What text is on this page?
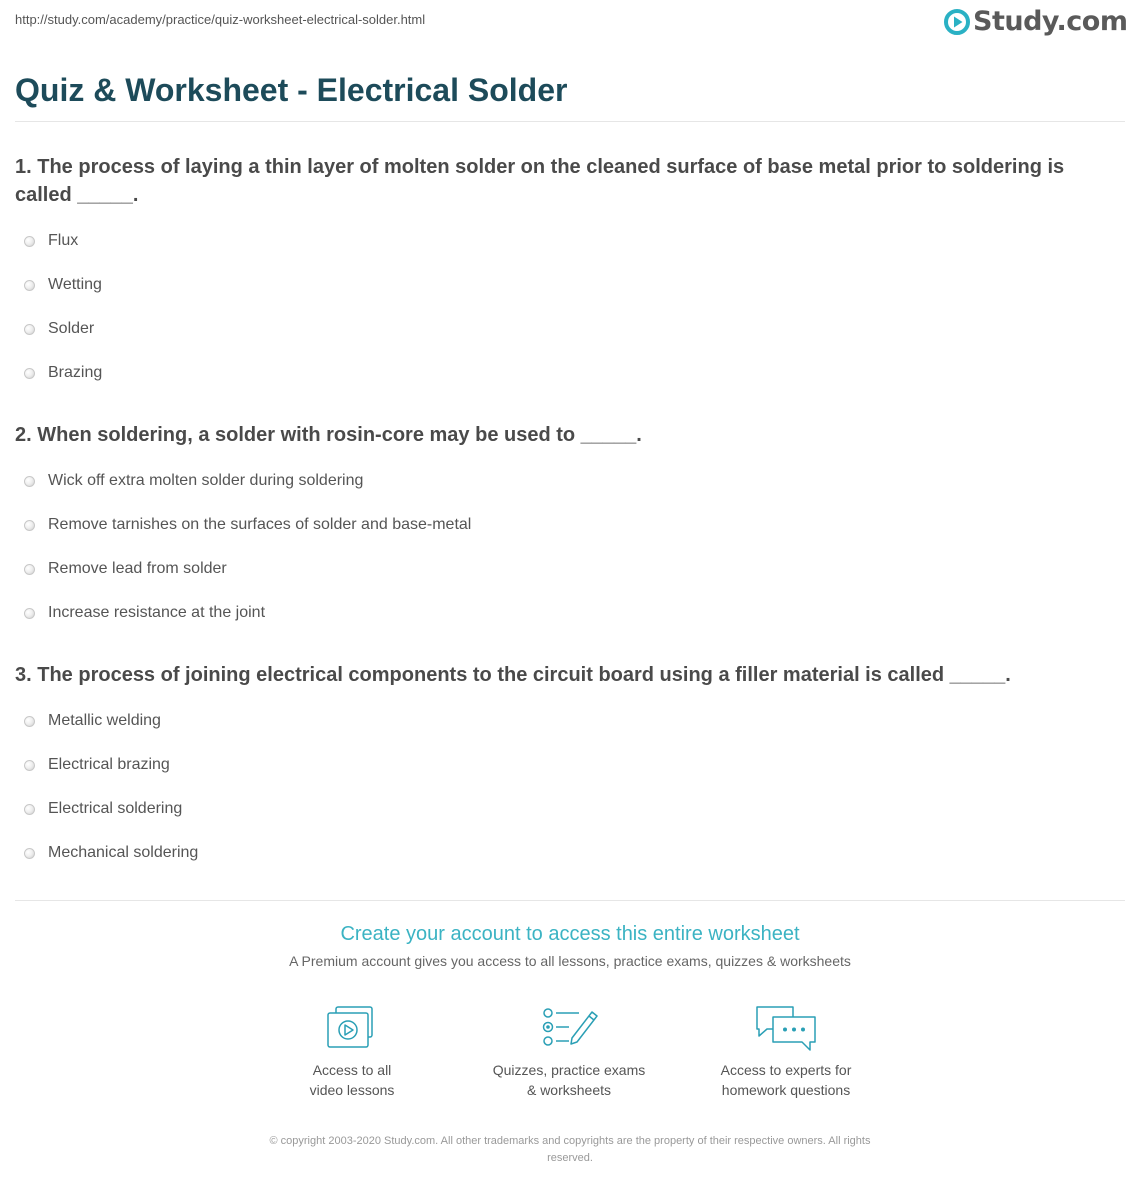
http://study.com/academy/practice/quiz-worksheet-electrical-solder.html	Study.com
Quiz & Worksheet - Electrical Solder

1. The process of laying a thin layer of molten solder on the cleaned surface of base metal prior to soldering is called _____.

Flux
Wetting
Solder
Brazing

2. When soldering, a solder with rosin-core may be used to _____.

Wick off extra molten solder during soldering
Remove tarnishes on the surfaces of solder and base-metal
Remove lead from solder
Increase resistance at the joint

3. The process of joining electrical components to the circuit board using a filler material is called _____.

Metallic welding
Electrical brazing
Electrical soldering
Mechanical soldering
Create your account to access this entire worksheet
A Premium account gives you access to all lessons, practice exams, quizzes & worksheets
Access to all
video lessons
Quizzes, practice exams
& worksheets
Access to experts for
homework questions
© copyright 2003-2020 Study.com. All other trademarks and copyrights are the property of their respective owners. All rights
reserved.
